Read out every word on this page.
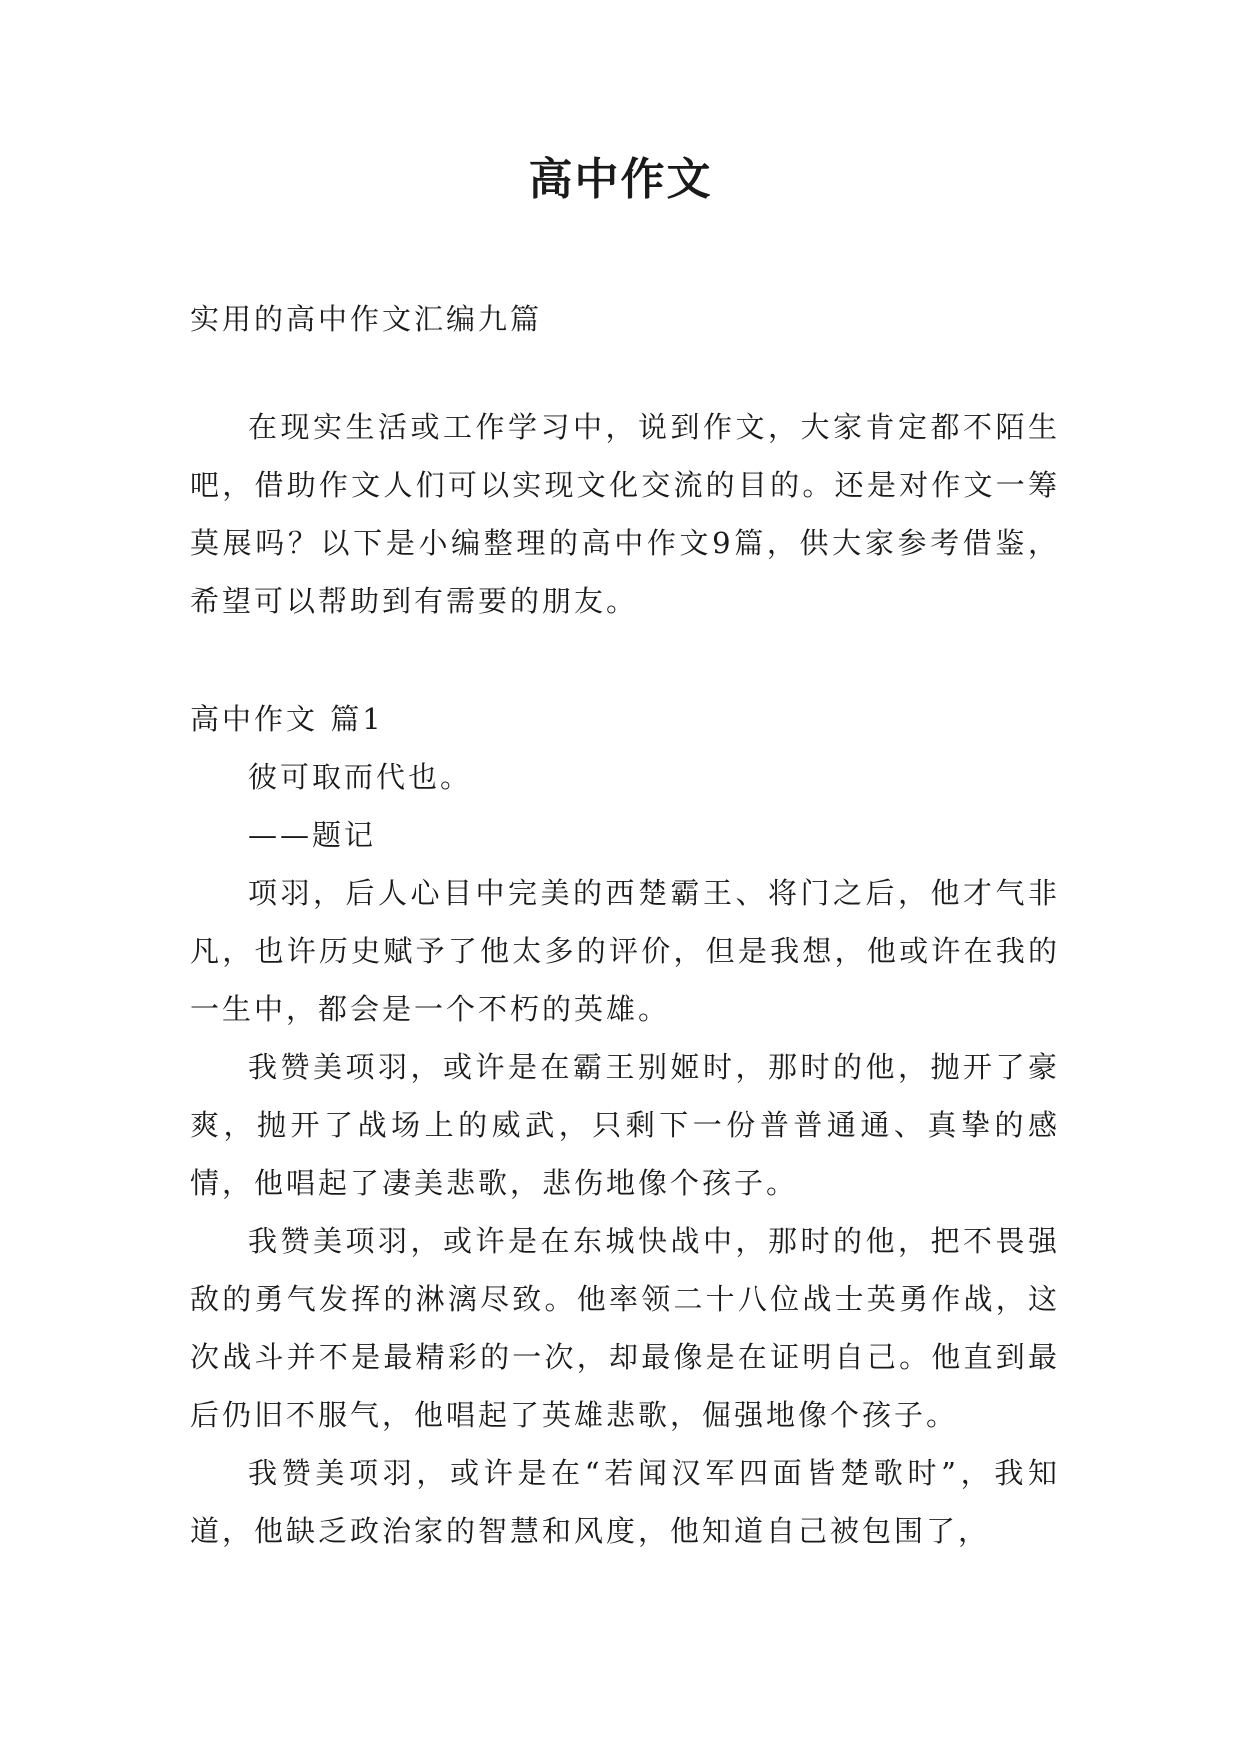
高中作文

实用的高中作文汇编九篇

在现实生活或工作学习中，说到作文，大家肯定都不陌生吧，借助作文人们可以实现文化交流的目的。还是对作文一筹莫展吗？以下是小编整理的高中作文9篇，供大家参考借鉴，希望可以帮助到有需要的朋友。

高中作文 篇1

彼可取而代也。

——题记

项羽，后人心目中完美的西楚霸王、将门之后，他才气非凡，也许历史赋予了他太多的评价，但是我想，他或许在我的一生中，都会是一个不朽的英雄。

我赞美项羽，或许是在霸王别姬时，那时的他，抛开了豪爽，抛开了战场上的威武，只剩下一份普普通通、真挚的感情，他唱起了凄美悲歌，悲伤地像个孩子。

我赞美项羽，或许是在东城快战中，那时的他，把不畏强敌的勇气发挥的淋漓尽致。他率领二十八位战士英勇作战，这次战斗并不是最精彩的一次，却最像是在证明自己。他直到最后仍旧不服气，他唱起了英雄悲歌，倔强地像个孩子。

我赞美项羽，或许是在“若闻汉军四面皆楚歌时”，我知道，他缺乏政治家的智慧和风度，他知道自己被包围了，
